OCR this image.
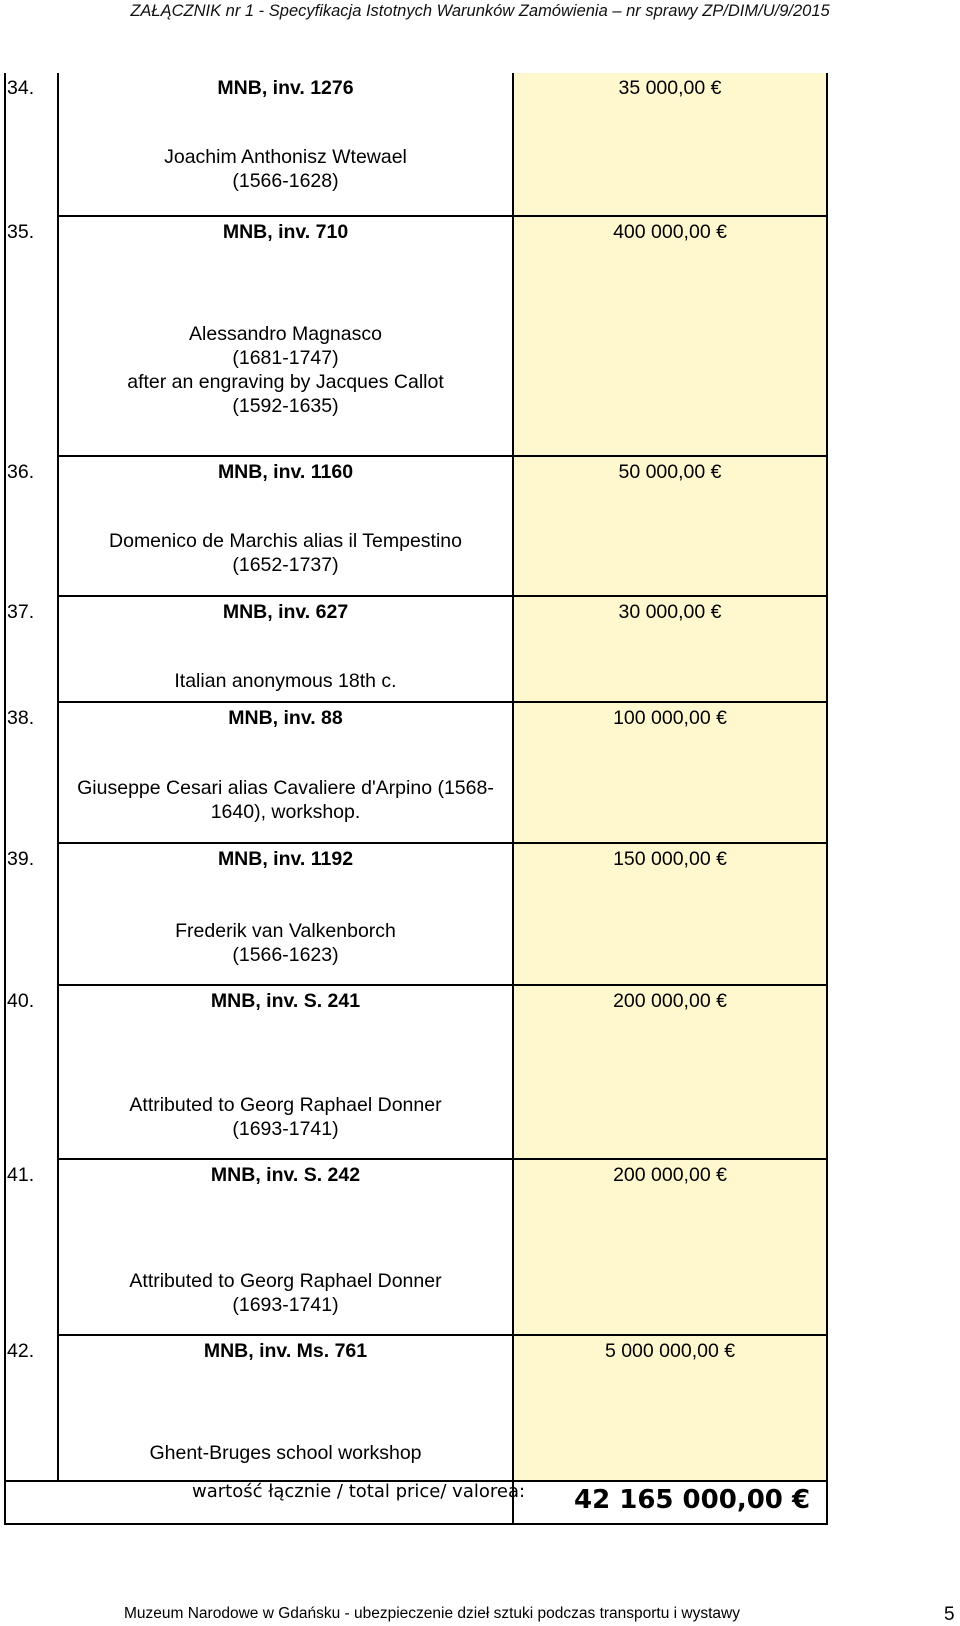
ZAŁĄCZNIK nr 1 - Specyfikacja Istotnych Warunków Zamówienia – nr sprawy ZP/DIM/U/9/2015
34.	MNB, inv. 1276	35 000,00 €
Joachim Anthonisz Wtewael
(1566-1628)
35.	MNB, inv. 710	400 000,00 €
Alessandro Magnasco
(1681-1747)
after an engraving by Jacques Callot
(1592-1635)
36.	MNB, inv. 1160	50 000,00 €
Domenico de Marchis alias il Tempestino
(1652-1737)
37.	MNB, inv. 627	30 000,00 €
Italian anonymous 18th c.
38.	MNB, inv. 88	100 000,00 €
Giuseppe Cesari alias Cavaliere d'Arpino (1568-
1640), workshop.
39.	MNB, inv. 1192	150 000,00 €
Frederik van Valkenborch
(1566-1623)
40.	MNB, inv. S. 241	200 000,00 €
Attributed to Georg Raphael Donner
(1693-1741)
41.	MNB, inv. S. 242	200 000,00 €
Attributed to Georg Raphael Donner
(1693-1741)
42.	MNB, inv. Ms. 761	5 000 000,00 €
Ghent-Bruges school workshop
wartość łącznie / total price/ valorea: 42 165 000,00 €
Muzeum Narodowe w Gdańsku - ubezpieczenie dzieł sztuki podczas transportu i wystawy	5
